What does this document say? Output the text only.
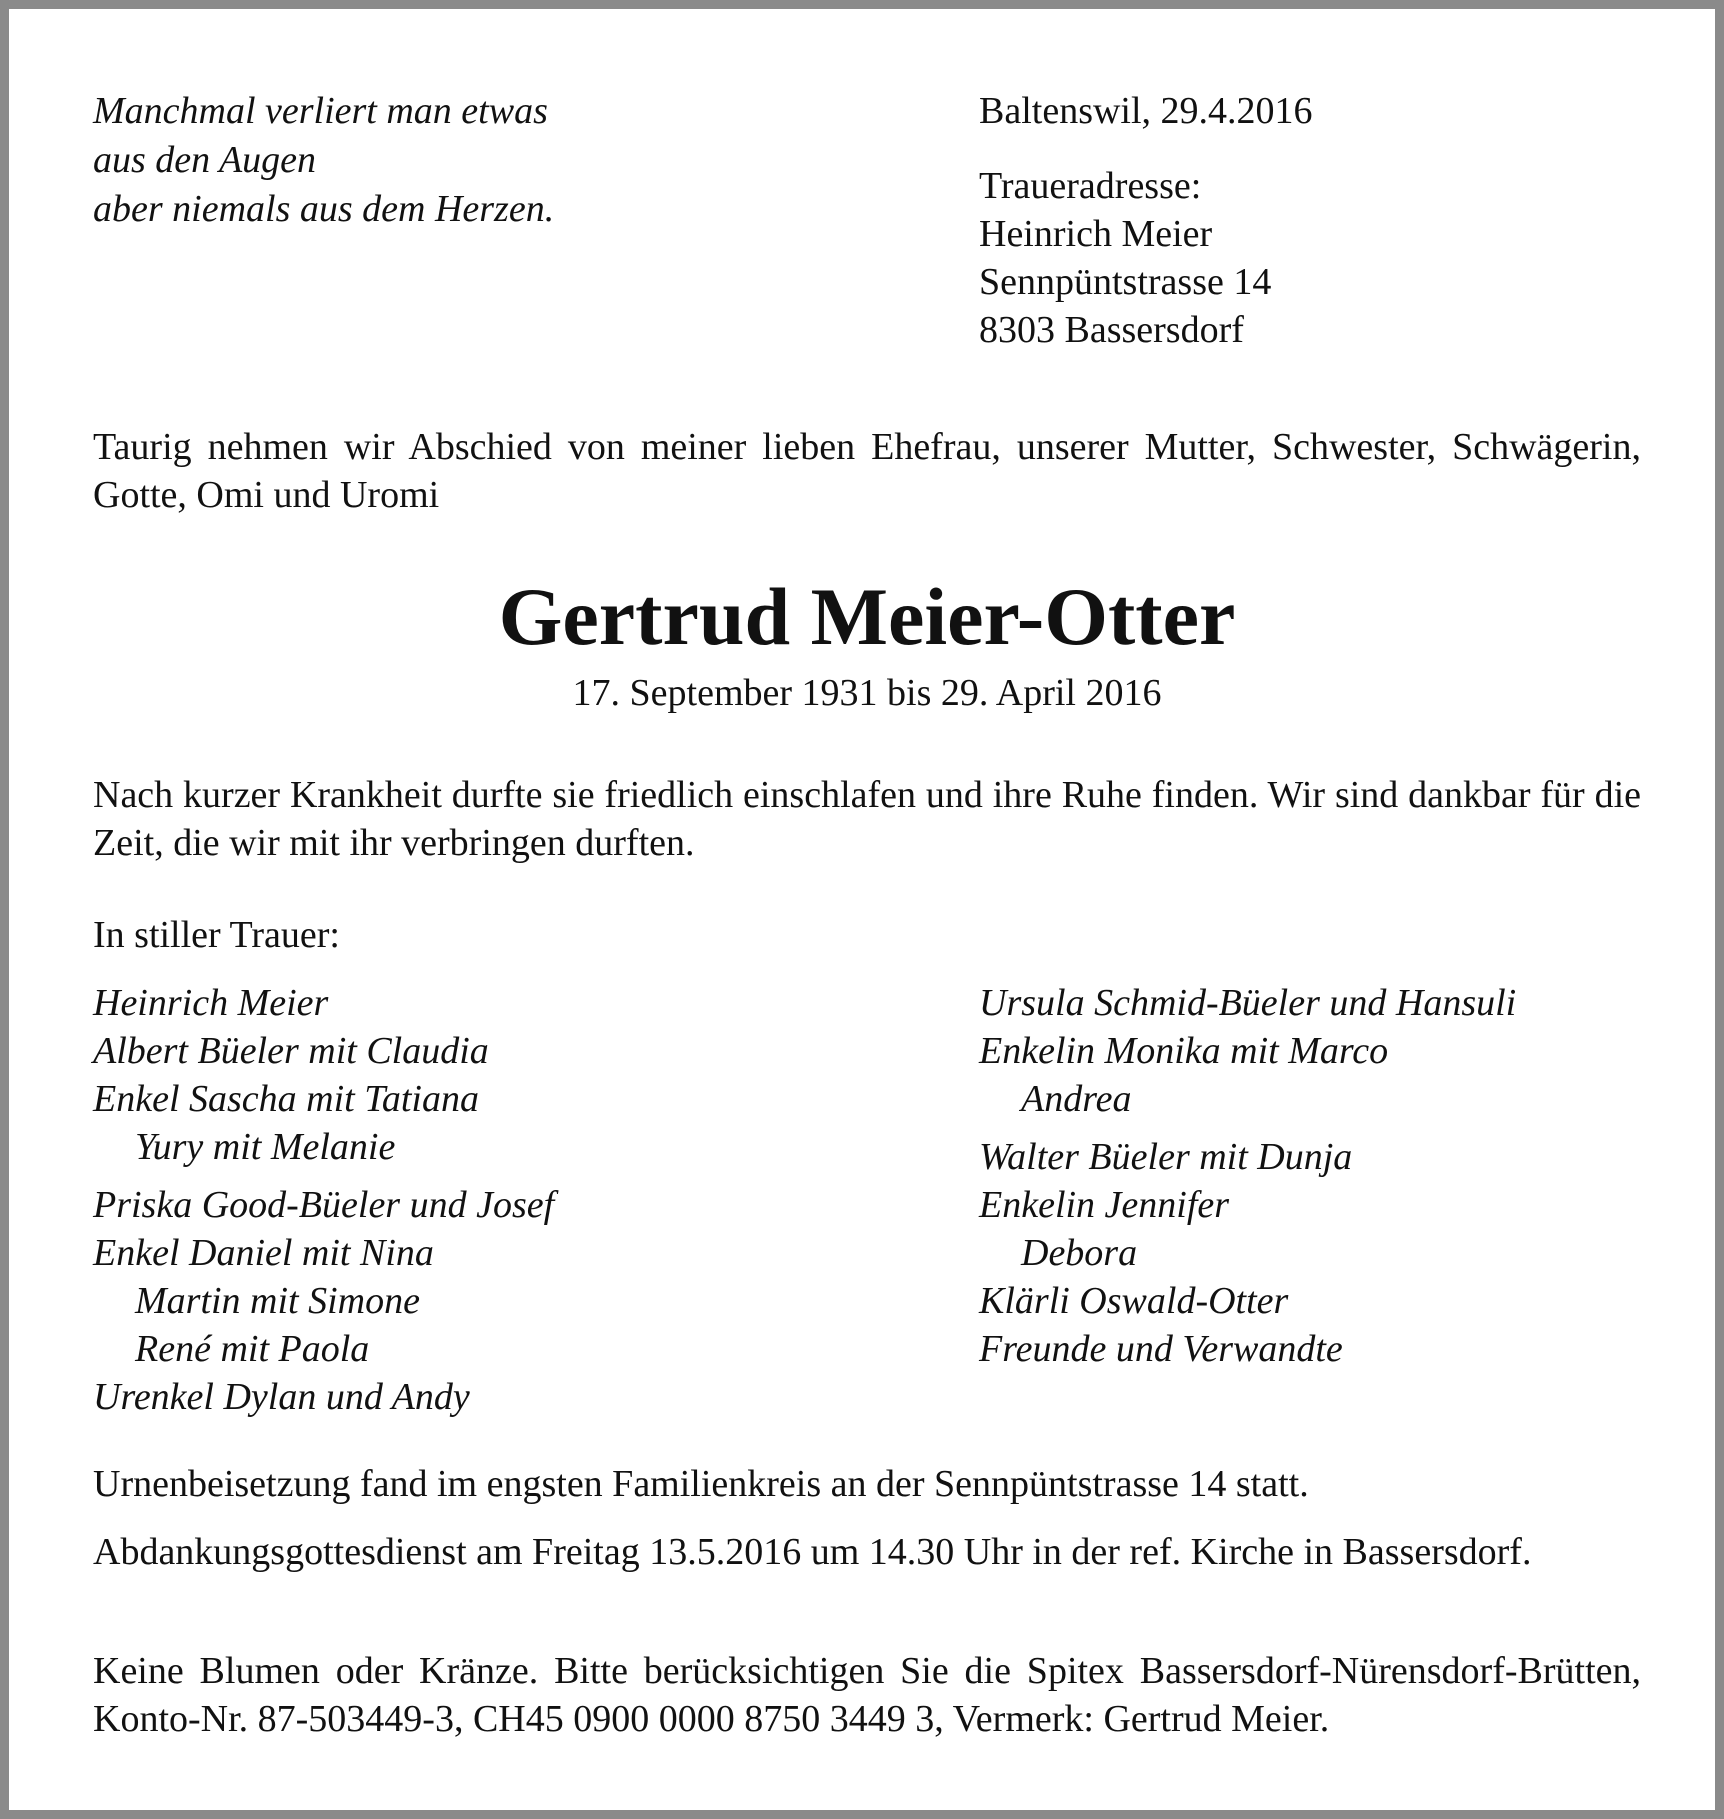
Manchmal verliert man etwas
aus den Augen
aber niemals aus dem Herzen.
Baltenswil, 29.4.2016
Traueradresse:
Heinrich Meier
Sennpüntstrasse 14
8303 Bassersdorf
Taurig nehmen wir Abschied von meiner lieben Ehefrau, unserer Mutter, Schwester, Schwägerin, Gotte, Omi und Uromi
Gertrud Meier-Otter
17. September 1931 bis 29. April 2016
Nach kurzer Krankheit durfte sie friedlich einschlafen und ihre Ruhe finden. Wir sind dankbar für die Zeit, die wir mit ihr verbringen durften.
In stiller Trauer:
Heinrich Meier
Albert Büeler mit Claudia
Enkel Sascha mit Tatiana
Yury mit Melanie
Priska Good-Büeler und Josef
Enkel Daniel mit Nina
Martin mit Simone
René mit Paola
Urenkel Dylan und Andy
Ursula Schmid-Büeler und Hansuli
Enkelin Monika mit Marco
Andrea
Walter Büeler mit Dunja
Enkelin Jennifer
Debora
Klärli Oswald-Otter
Freunde und Verwandte
Urnenbeisetzung fand im engsten Familienkreis an der Sennpüntstrasse 14 statt.
Abdankungsgottesdienst am Freitag 13.5.2016 um 14.30 Uhr in der ref. Kirche in Bassersdorf.
Keine Blumen oder Kränze. Bitte berücksichtigen Sie die Spitex Bassersdorf-Nürensdorf-Brütten, Konto-Nr. 87-503449-3, CH45 0900 0000 8750 3449 3, Vermerk: Gertrud Meier.
